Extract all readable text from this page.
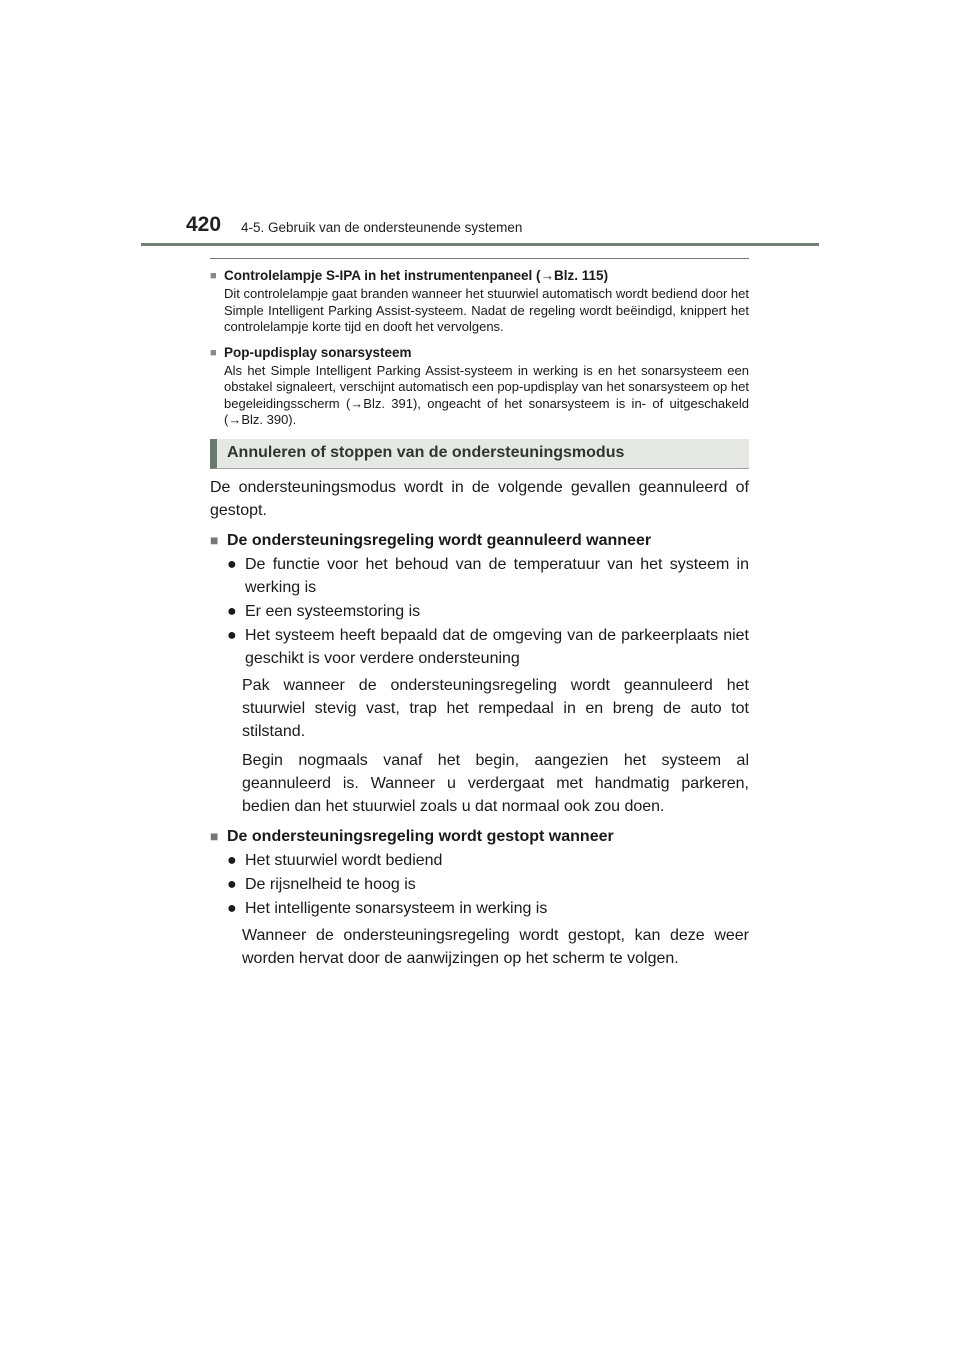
420 4-5. Gebruik van de ondersteunende systemen
■ Controlelampje S-IPA in het instrumentenpaneel (→Blz. 115)
Dit controlelampje gaat branden wanneer het stuurwiel automatisch wordt bediend door het Simple Intelligent Parking Assist-systeem. Nadat de regeling wordt beëindigd, knippert het controlelampje korte tijd en dooft het vervolgens.
■ Pop-updisplay sonarsysteem
Als het Simple Intelligent Parking Assist-systeem in werking is en het sonarsysteem een obstakel signaleert, verschijnt automatisch een pop-updisplay van het sonarsysteem op het begeleidingsscherm (→Blz. 391), ongeacht of het sonarsysteem is in- of uitgeschakeld (→Blz. 390).
Annuleren of stoppen van de ondersteuningsmodus

De ondersteuningsmodus wordt in de volgende gevallen geannuleerd of gestopt.

■ De ondersteuningsregeling wordt geannuleerd wanneer
● De functie voor het behoud van de temperatuur van het systeem in werking is
● Er een systeemstoring is
● Het systeem heeft bepaald dat de omgeving van de parkeerplaats niet geschikt is voor verdere ondersteuning

Pak wanneer de ondersteuningsregeling wordt geannuleerd het stuurwiel stevig vast, trap het rempedaal in en breng de auto tot stilstand.

Begin nogmaals vanaf het begin, aangezien het systeem al geannuleerd is. Wanneer u verdergaat met handmatig parkeren, bedien dan het stuurwiel zoals u dat normaal ook zou doen.

■ De ondersteuningsregeling wordt gestopt wanneer
● Het stuurwiel wordt bediend
● De rijsnelheid te hoog is
● Het intelligente sonarsysteem in werking is

Wanneer de ondersteuningsregeling wordt gestopt, kan deze weer worden hervat door de aanwijzingen op het scherm te volgen.
